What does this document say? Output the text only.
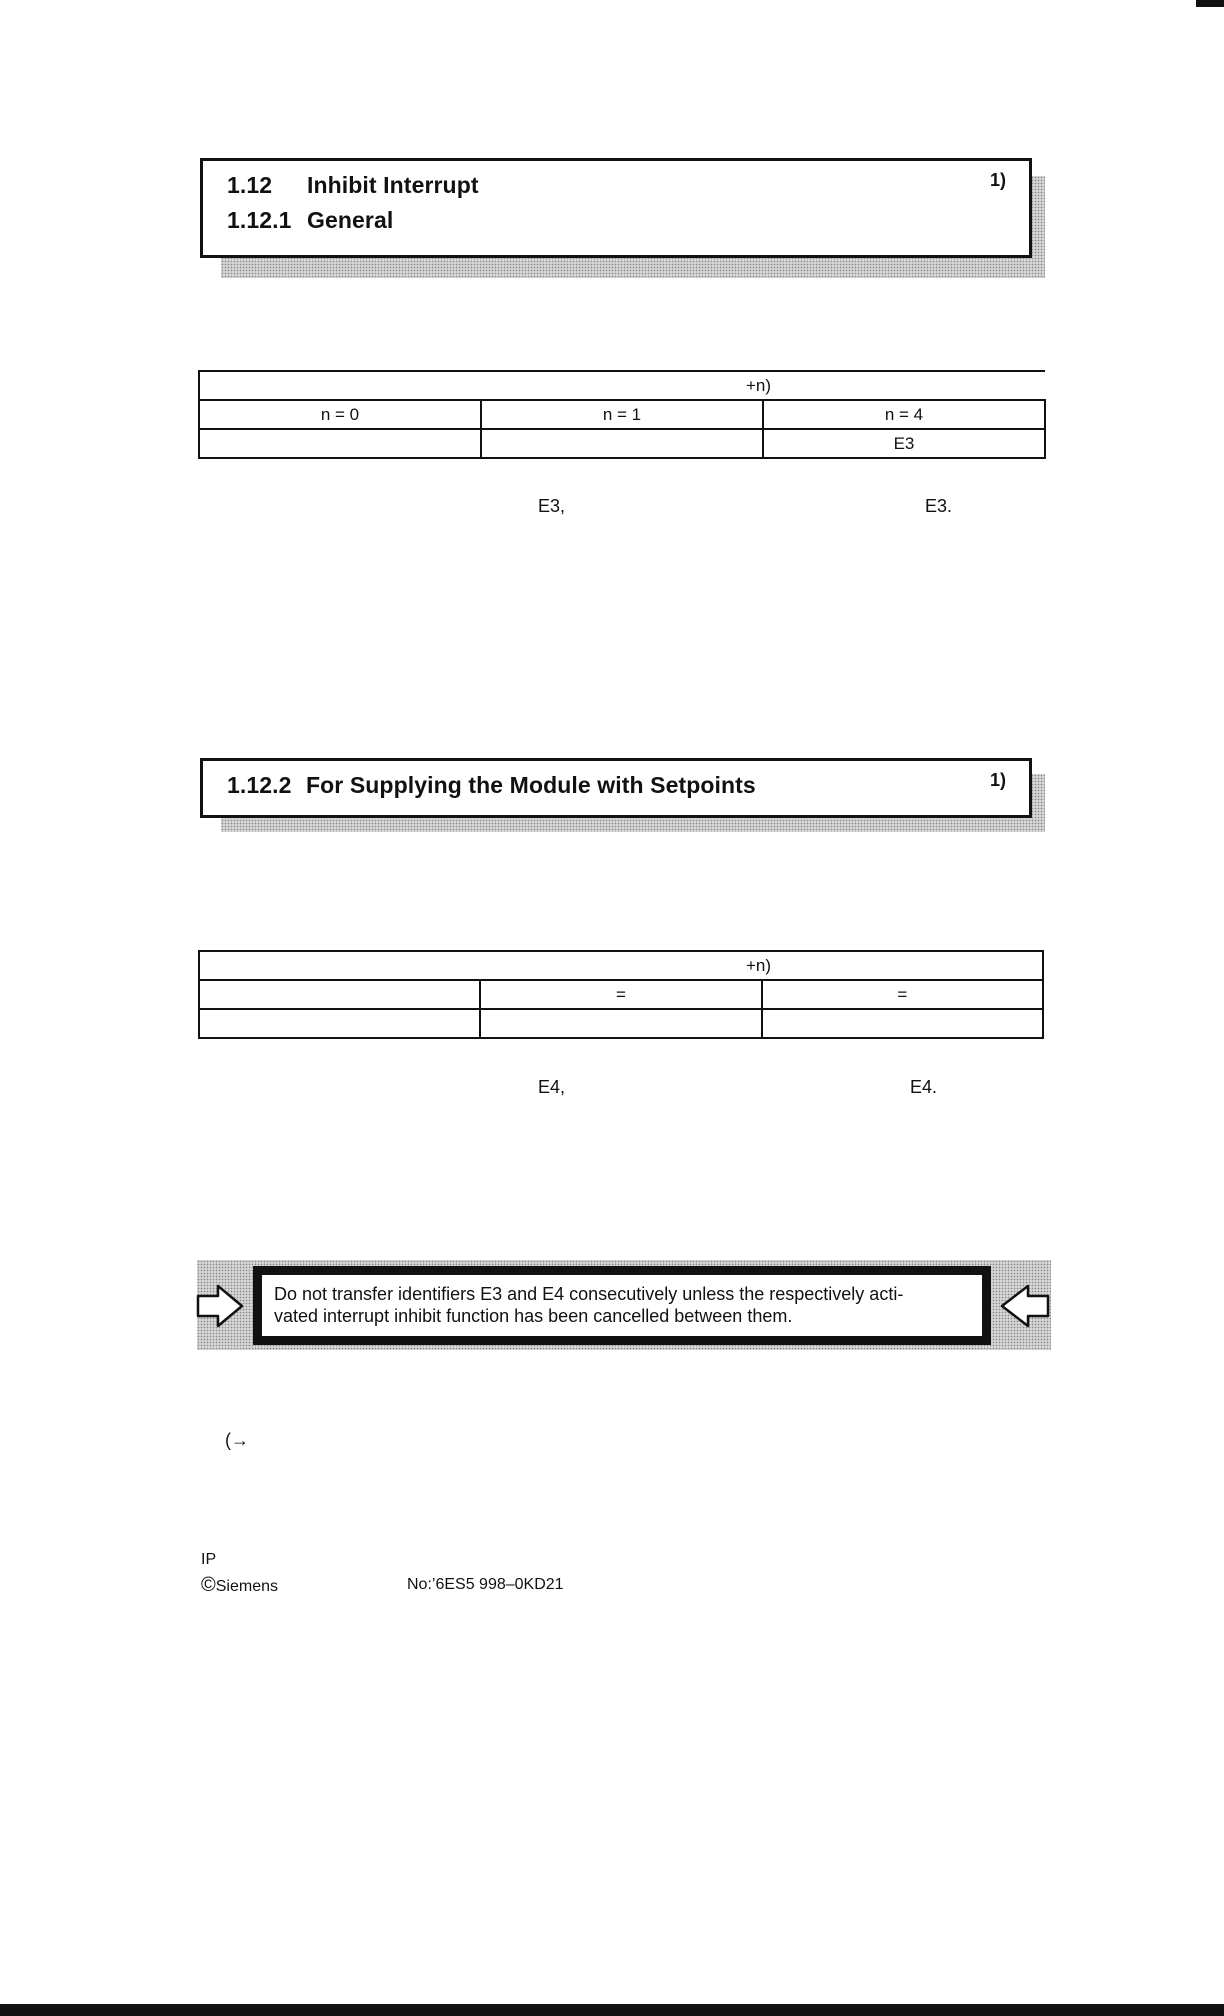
1.12 Inhibit Interrupt	1)
1.12.1 General
+n)		
n = 0	n = 1	n = 4
		E3
E3,	E3.
1.12.2 For Supplying the Module with Setpoints	1)
+n)		
	=	=

E4,	E4.
Do not transfer identifiers E3 and E4 consecutively unless the respectively acti-
vated interrupt inhibit function has been cancelled between them.
(→
IP
©Siemens	No:’6ES5 998–0KD21
